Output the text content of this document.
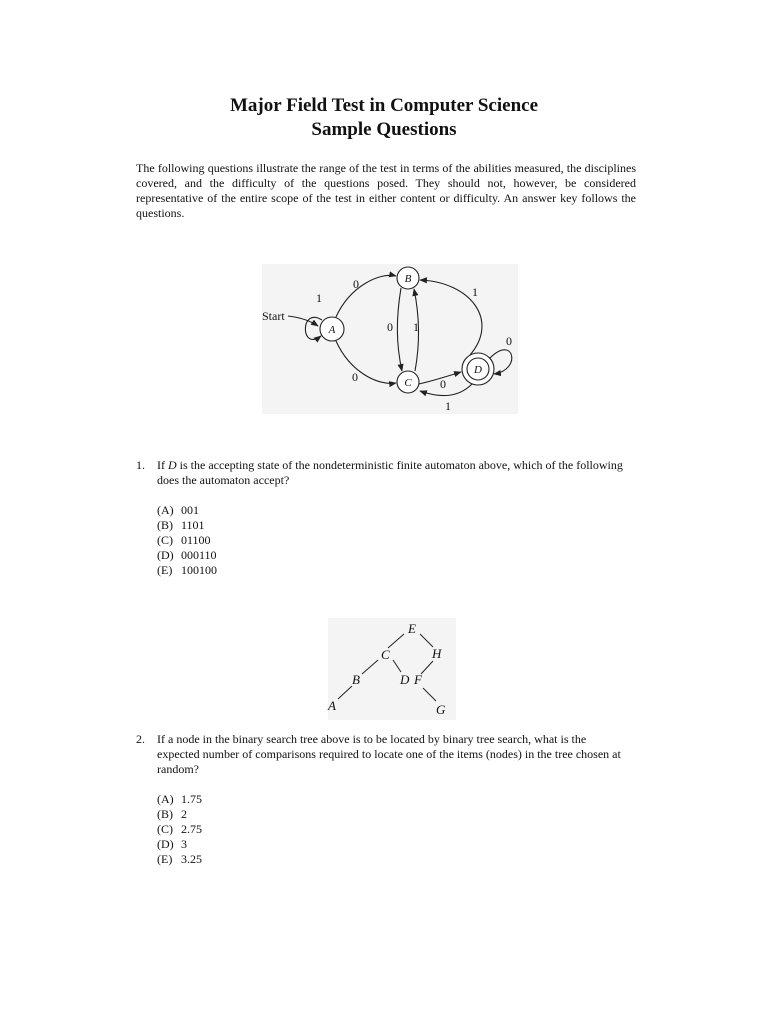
Major Field Test in Computer Science
Sample Questions
The following questions illustrate the range of the test in terms of the abilities measured, the disciplines covered, and the difficulty of the questions posed. They should not, however, be considered representative of the entire scope of the test in either content or difficulty. An answer key follows the questions.
Start
A
B
C
D
1
0
0
0 1
1
0
1
0
E
C	H
B	D F
A	G
1. If D is the accepting state of the nondeterministic finite automaton above, which of the following does the automaton accept?
(A) 001
(B) 1101
(C) 01100
(D) 000110
(E) 100100
2. If a node in the binary search tree above is to be located by binary tree search, what is the expected number of comparisons required to locate one of the items (nodes) in the tree chosen at random?
(A) 1.75
(B) 2
(C) 2.75
(D) 3
(E) 3.25
